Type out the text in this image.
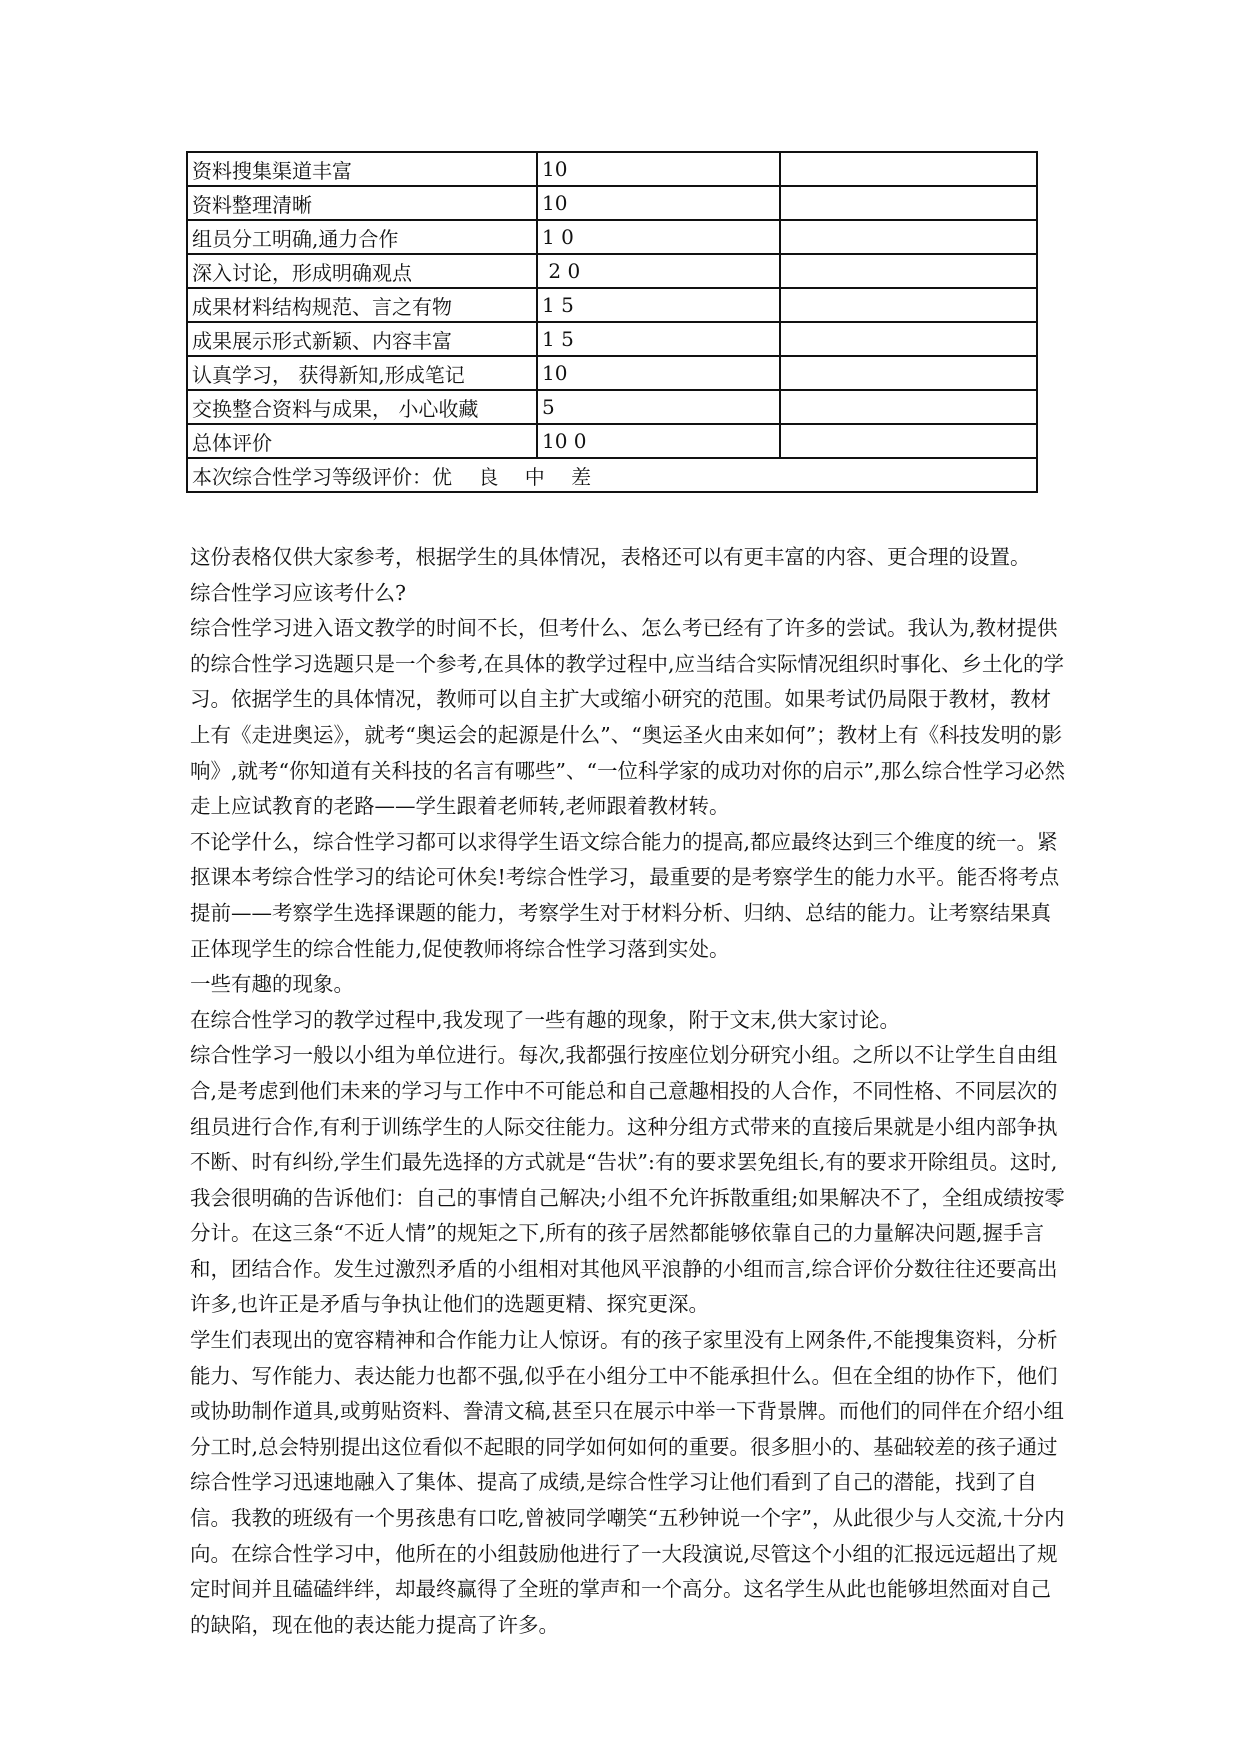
资料搜集渠道丰富	10	
资料整理清晰	10	
组员分工明确,通力合作	1 0	
深入讨论，形成明确观点	2 0	
成果材料结构规范、言之有物	1 5	
成果展示形式新颖、内容丰富	1 5	
认真学习， 获得新知,形成笔记	10	
交换整合资料与成果， 小心收藏	5	
总体评价	10 0	
本次综合性学习等级评价：优　 良　 中　 差		

这份表格仅供大家参考，根据学生的具体情况，表格还可以有更丰富的内容、更合理的设置。

综合性学习应该考什么?

综合性学习进入语文教学的时间不长，但考什么、怎么考已经有了许多的尝试。我认为,教材提供的综合性学习选题只是一个参考,在具体的教学过程中,应当结合实际情况组织时事化、乡土化的学习。依据学生的具体情况，教师可以自主扩大或缩小研究的范围。如果考试仍局限于教材，教材上有《走进奥运》，就考“奥运会的起源是什么”、“奥运圣火由来如何”；教材上有《科技发明的影响》,就考“你知道有关科技的名言有哪些”、“一位科学家的成功对你的启示”,那么综合性学习必然走上应试教育的老路——学生跟着老师转,老师跟着教材转。

不论学什么，综合性学习都可以求得学生语文综合能力的提高,都应最终达到三个维度的统一。紧抠课本考综合性学习的结论可休矣!考综合性学习，最重要的是考察学生的能力水平。能否将考点提前——考察学生选择课题的能力，考察学生对于材料分析、归纳、总结的能力。让考察结果真正体现学生的综合性能力,促使教师将综合性学习落到实处。

一些有趣的现象。

在综合性学习的教学过程中,我发现了一些有趣的现象，附于文末,供大家讨论。

综合性学习一般以小组为单位进行。每次,我都强行按座位划分研究小组。之所以不让学生自由组合,是考虑到他们未来的学习与工作中不可能总和自己意趣相投的人合作，不同性格、不同层次的组员进行合作,有利于训练学生的人际交往能力。这种分组方式带来的直接后果就是小组内部争执不断、时有纠纷,学生们最先选择的方式就是“告状”:有的要求罢免组长,有的要求开除组员。这时,我会很明确的告诉他们：自己的事情自己解决;小组不允许拆散重组;如果解决不了，全组成绩按零分计。在这三条“不近人情”的规矩之下,所有的孩子居然都能够依靠自己的力量解决问题,握手言和，团结合作。发生过激烈矛盾的小组相对其他风平浪静的小组而言,综合评价分数往往还要高出许多,也许正是矛盾与争执让他们的选题更精、探究更深。

学生们表现出的宽容精神和合作能力让人惊讶。有的孩子家里没有上网条件,不能搜集资料，分析能力、写作能力、表达能力也都不强,似乎在小组分工中不能承担什么。但在全组的协作下，他们或协助制作道具,或剪贴资料、誊清文稿,甚至只在展示中举一下背景牌。而他们的同伴在介绍小组分工时,总会特别提出这位看似不起眼的同学如何如何的重要。很多胆小的、基础较差的孩子通过综合性学习迅速地融入了集体、提高了成绩,是综合性学习让他们看到了自己的潜能，找到了自信。我教的班级有一个男孩患有口吃,曾被同学嘲笑“五秒钟说一个字”，从此很少与人交流,十分内向。在综合性学习中，他所在的小组鼓励他进行了一大段演说,尽管这个小组的汇报远远超出了规定时间并且磕磕绊绊，却最终赢得了全班的掌声和一个高分。这名学生从此也能够坦然面对自己的缺陷，现在他的表达能力提高了许多。
